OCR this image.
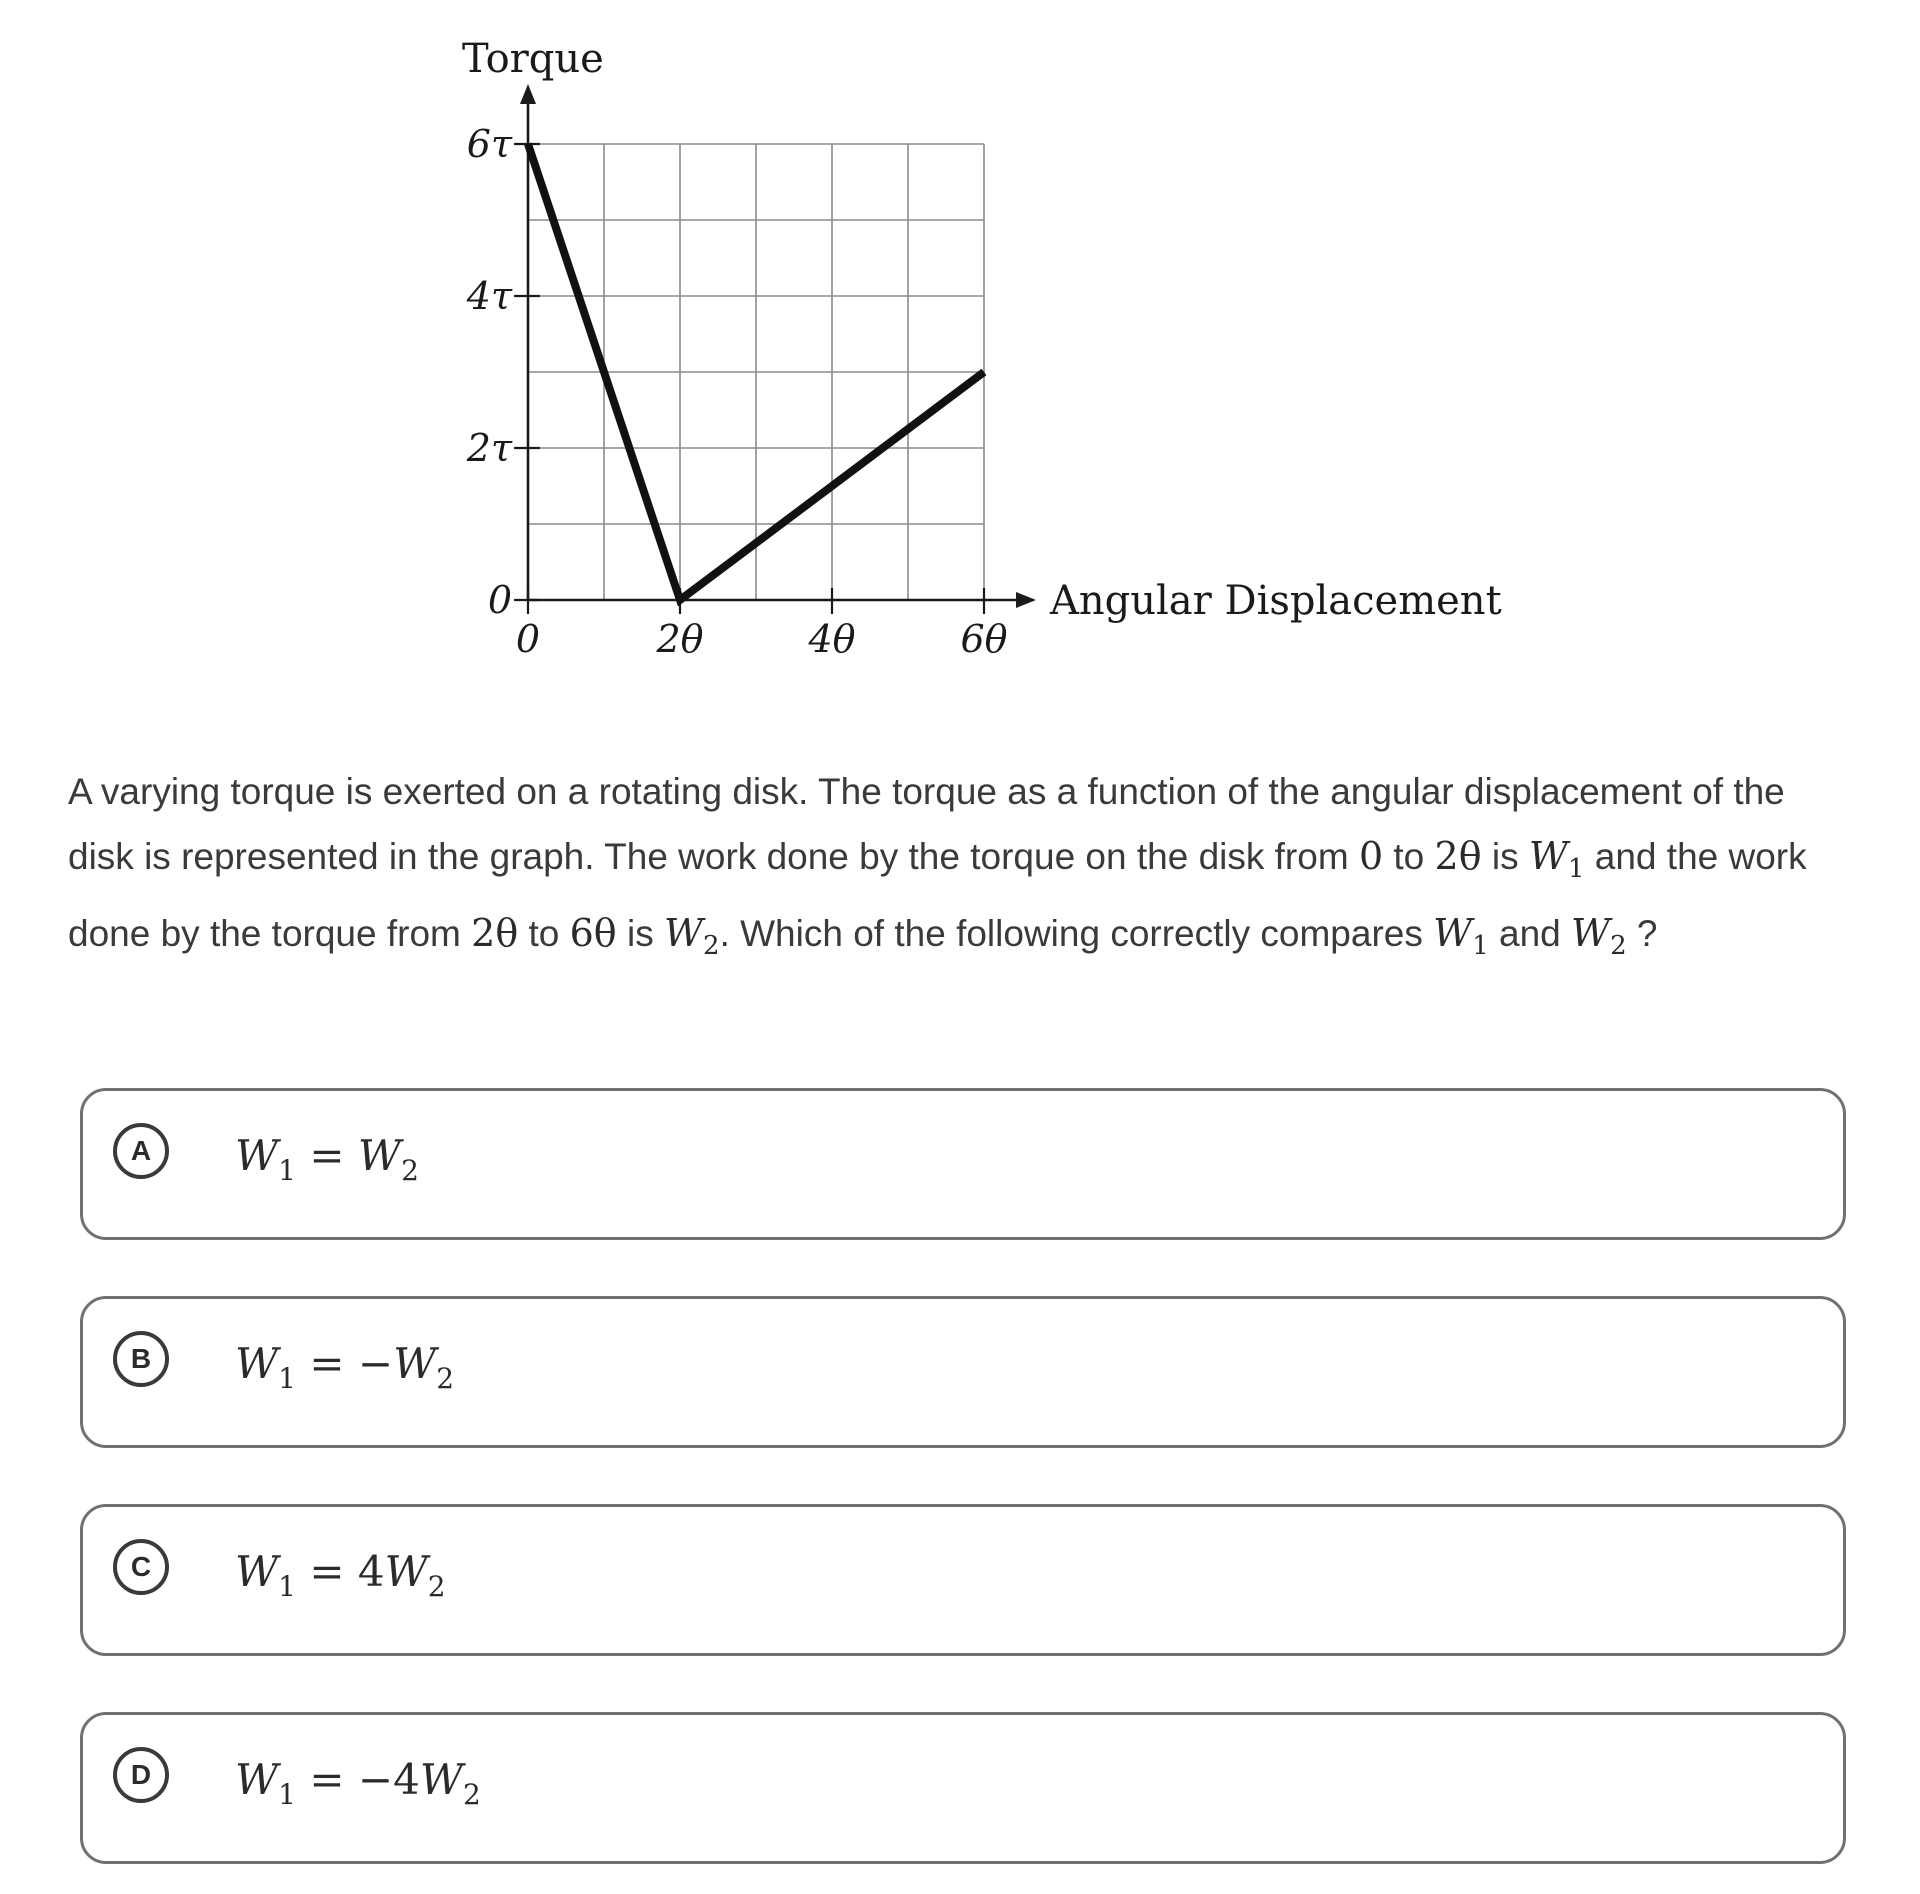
0
2τ
4τ
6τ
0	2θ	4θ	6θ
Torque
Angular Displacement
A varying torque is exerted on a rotating disk. The torque as a function of the angular displacement of the disk is represented in the graph. The work done by the torque on the disk from 0 to 2θ is $W_1$ and the work done by the torque from 2θ to 6θ is $W_2$. Which of the following correctly compares $W_1$ and $W_2$ ?
A	$W_1 = W_2$
B	$W_1 = -W_2$
C	$W_1 = 4W_2$
D	$W_1 = -4W_2$
